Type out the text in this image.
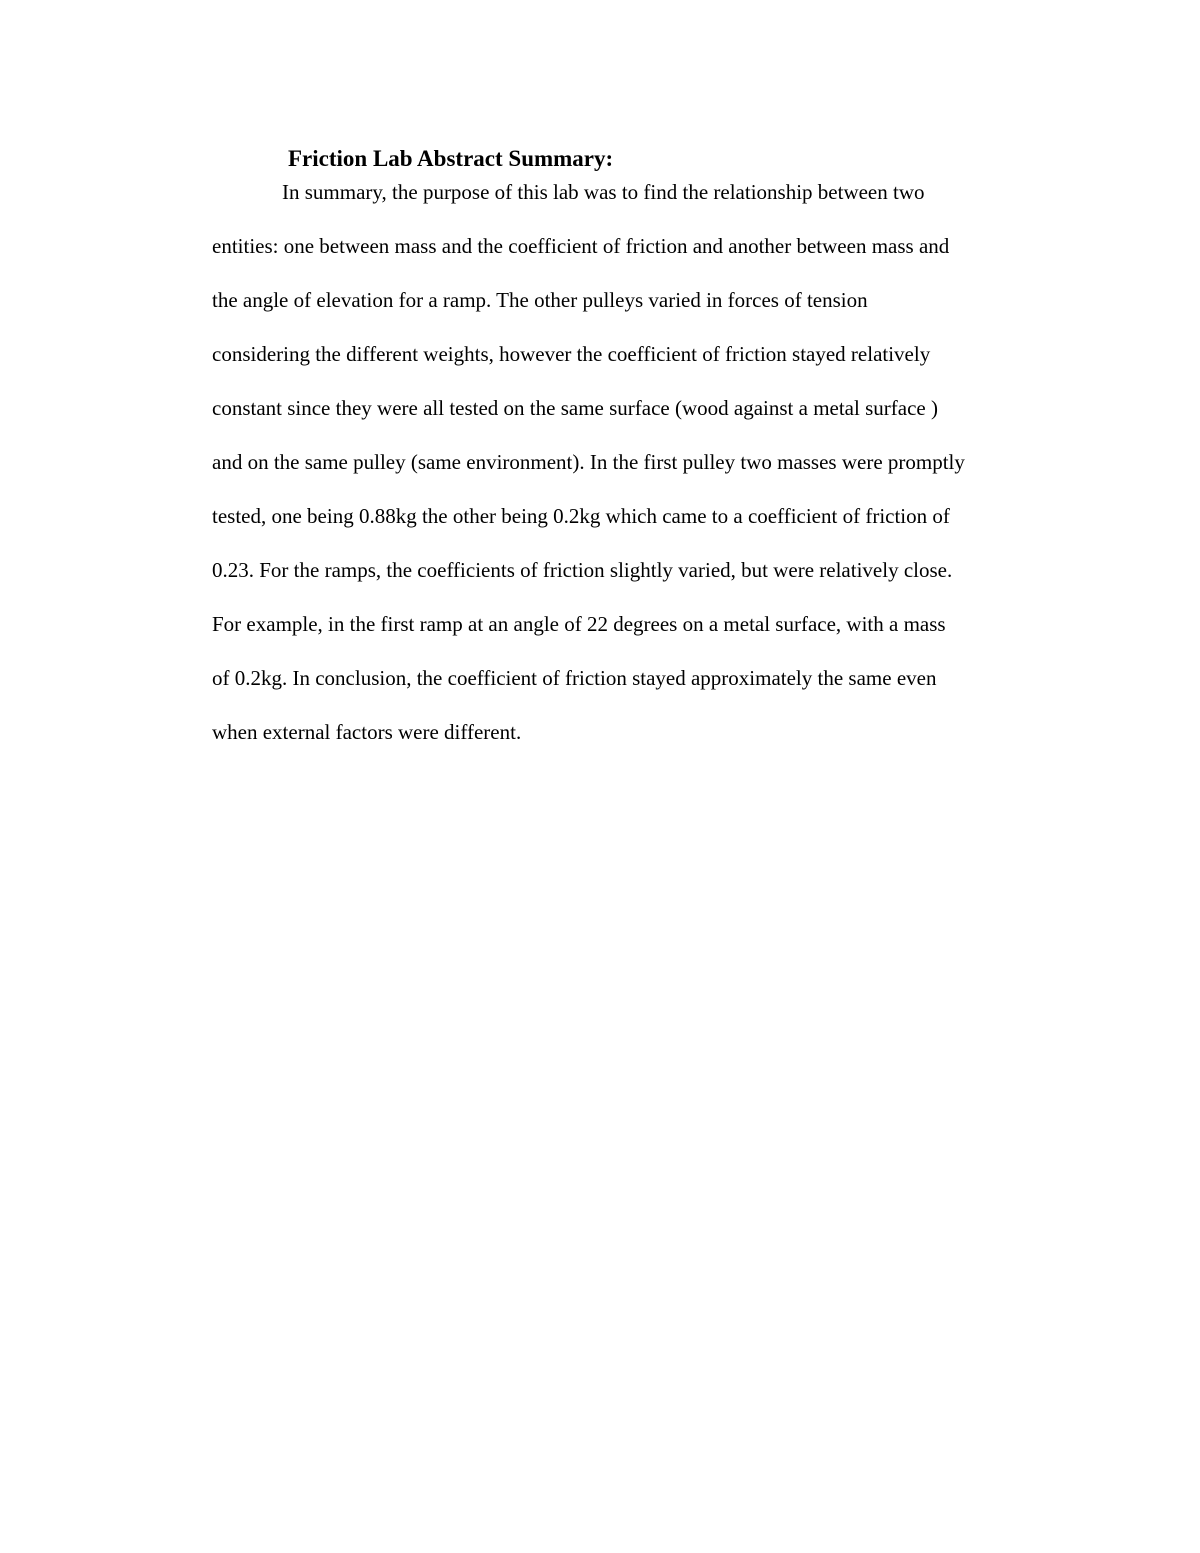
Friction Lab Abstract Summary:

In summary, the purpose of this lab was to find the relationship between two

entities: one between mass and the coefficient of friction and another between mass and

the angle of elevation for a ramp. The other pulleys varied in forces of tension

considering the different weights, however the coefficient of friction stayed relatively

constant since they were all tested on the same surface (wood against a metal surface )

and on the same pulley (same environment). In the first pulley two masses were promptly

tested, one being 0.88kg the other being 0.2kg which came to a coefficient of friction of

0.23. For the ramps, the coefficients of friction slightly varied, but were relatively close.

For example, in the first ramp at an angle of 22 degrees on a metal surface, with a mass

of 0.2kg. In conclusion, the coefficient of friction stayed approximately the same even

when external factors were different.
